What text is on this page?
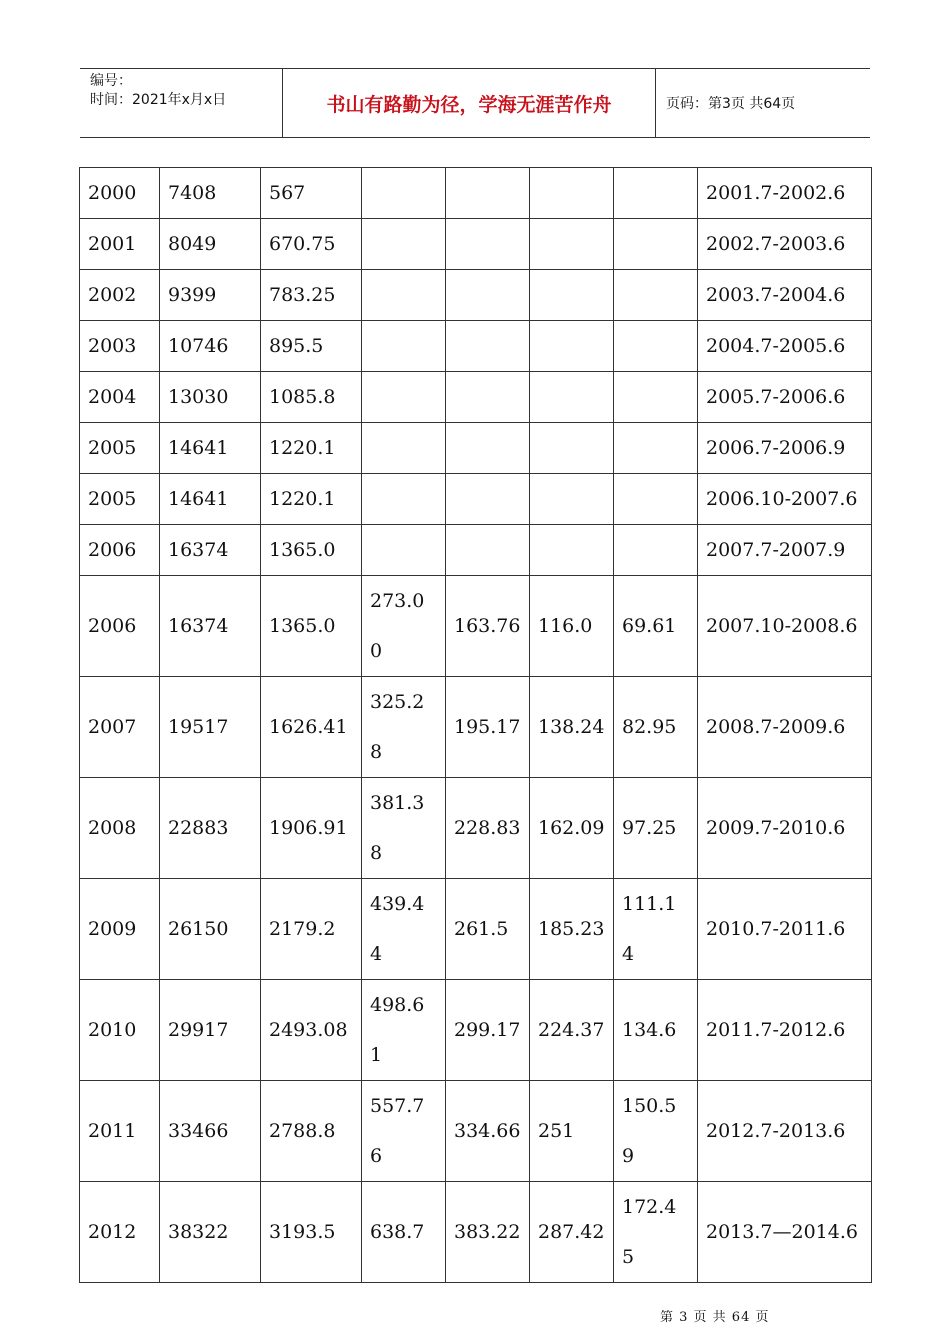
编号：
时间：2021年x月x日	书山有路勤为径，学海无涯苦作舟	页码：第3页 共64页
2000	7408	567					2001.7-2002.6
2001	8049	670.75					2002.7-2003.6
2002	9399	783.25					2003.7-2004.6
2003	10746	895.5					2004.7-2005.6
2004	13030	1085.8					2005.7-2006.6
2005	14641	1220.1					2006.7-2006.9
2005	14641	1220.1					2006.10-2007.6
2006	16374	1365.0					2007.7-2007.9
2006	16374	1365.0	273.00	163.76	116.0	69.61	2007.10-2008.6
2007	19517	1626.41	325.28	195.17	138.24	82.95	2008.7-2009.6
2008	22883	1906.91	381.38	228.83	162.09	97.25	2009.7-2010.6
2009	26150	2179.2	439.44	261.5	185.23	111.14	2010.7-2011.6
2010	29917	2493.08	498.61	299.17	224.37	134.6	2011.7-2012.6
2011	33466	2788.8	557.76	334.66	251	150.59	2012.7-2013.6
2012	38322	3193.5	638.7	383.22	287.42	172.45	2013.7—2014.6
第 3 页 共 64 页
